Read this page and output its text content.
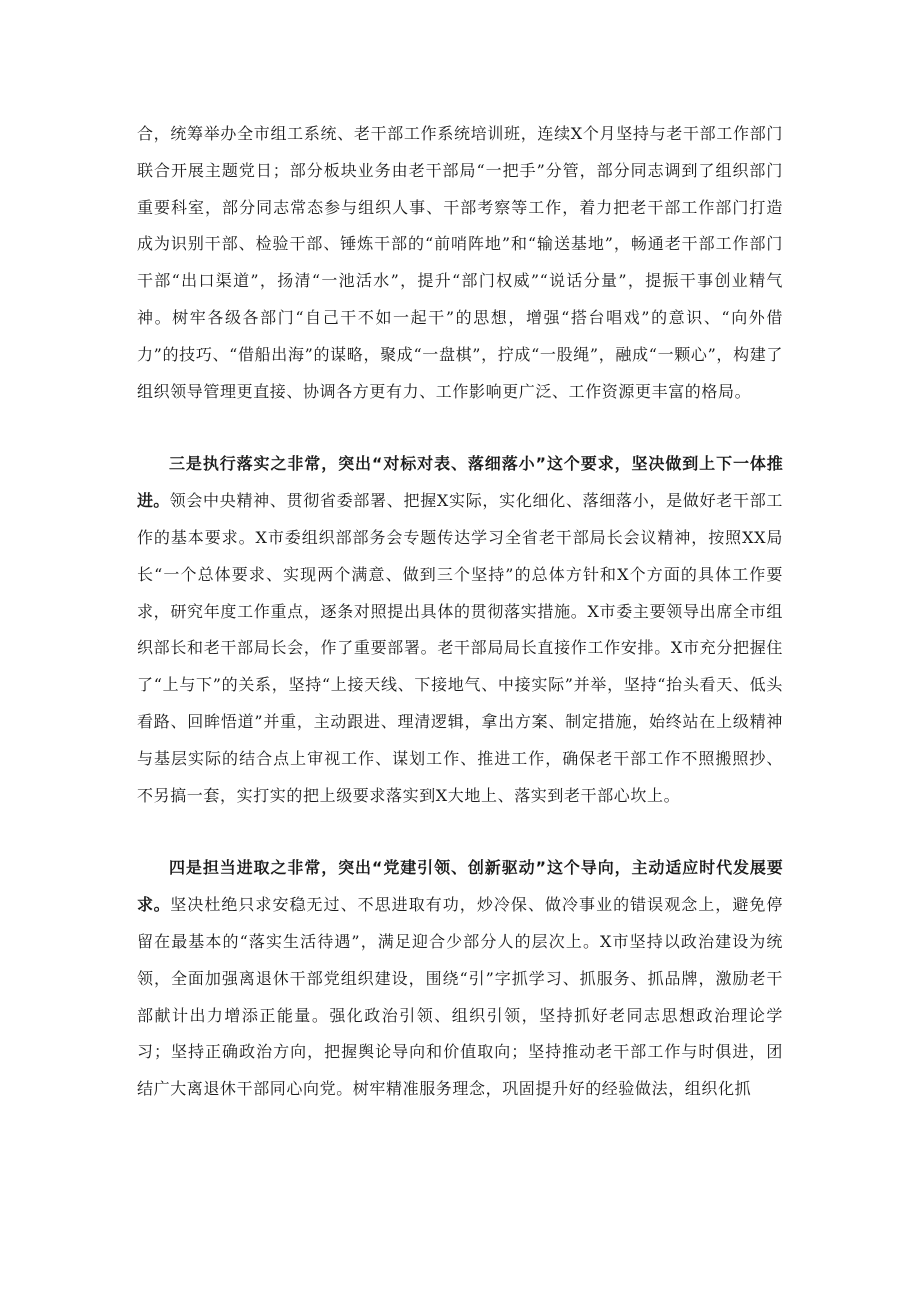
合，统筹举办全市组工系统、老干部工作系统培训班，连续X个月坚持与老干部工作部门联合开展主题党日；部分板块业务由老干部局“一把手”分管，部分同志调到了组织部门重要科室，部分同志常态参与组织人事、干部考察等工作，着力把老干部工作部门打造成为识别干部、检验干部、锤炼干部的“前哨阵地”和“输送基地”，畅通老干部工作部门干部“出口渠道”，扬清“一池活水”，提升“部门权威”“说话分量”，提振干事创业精气神。树牢各级各部门“自己干不如一起干”的思想，增强“搭台唱戏”的意识、“向外借力”的技巧、“借船出海”的谋略，聚成“一盘棋”，拧成“一股绳”，融成“一颗心”，构建了组织领导管理更直接、协调各方更有力、工作影响更广泛、工作资源更丰富的格局。

三是执行落实之非常，突出“对标对表、落细落小”这个要求，坚决做到上下一体推进。领会中央精神、贯彻省委部署、把握X实际，实化细化、落细落小，是做好老干部工作的基本要求。X市委组织部部务会专题传达学习全省老干部局长会议精神，按照XX局长“一个总体要求、实现两个满意、做到三个坚持”的总体方针和X个方面的具体工作要求，研究年度工作重点，逐条对照提出具体的贯彻落实措施。X市委主要领导出席全市组织部长和老干部局长会，作了重要部署。老干部局局长直接作工作安排。X市充分把握住了“上与下”的关系，坚持“上接天线、下接地气、中接实际”并举，坚持“抬头看天、低头看路、回眸悟道”并重，主动跟进、理清逻辑，拿出方案、制定措施，始终站在上级精神与基层实际的结合点上审视工作、谋划工作、推进工作，确保老干部工作不照搬照抄、不另搞一套，实打实的把上级要求落实到X大地上、落实到老干部心坎上。

四是担当进取之非常，突出“党建引领、创新驱动”这个导向，主动适应时代发展要求。坚决杜绝只求安稳无过、不思进取有功，炒冷保、做冷事业的错误观念上，避免停留在最基本的“落实生活待遇”，满足迎合少部分人的层次上。X市坚持以政治建设为统领，全面加强离退休干部党组织建设，围绕“引”字抓学习、抓服务、抓品牌，激励老干部献计出力增添正能量。强化政治引领、组织引领，坚持抓好老同志思想政治理论学习；坚持正确政治方向，把握舆论导向和价值取向；坚持推动老干部工作与时俱进，团结广大离退休干部同心向党。树牢精准服务理念，巩固提升好的经验做法，组织化抓
